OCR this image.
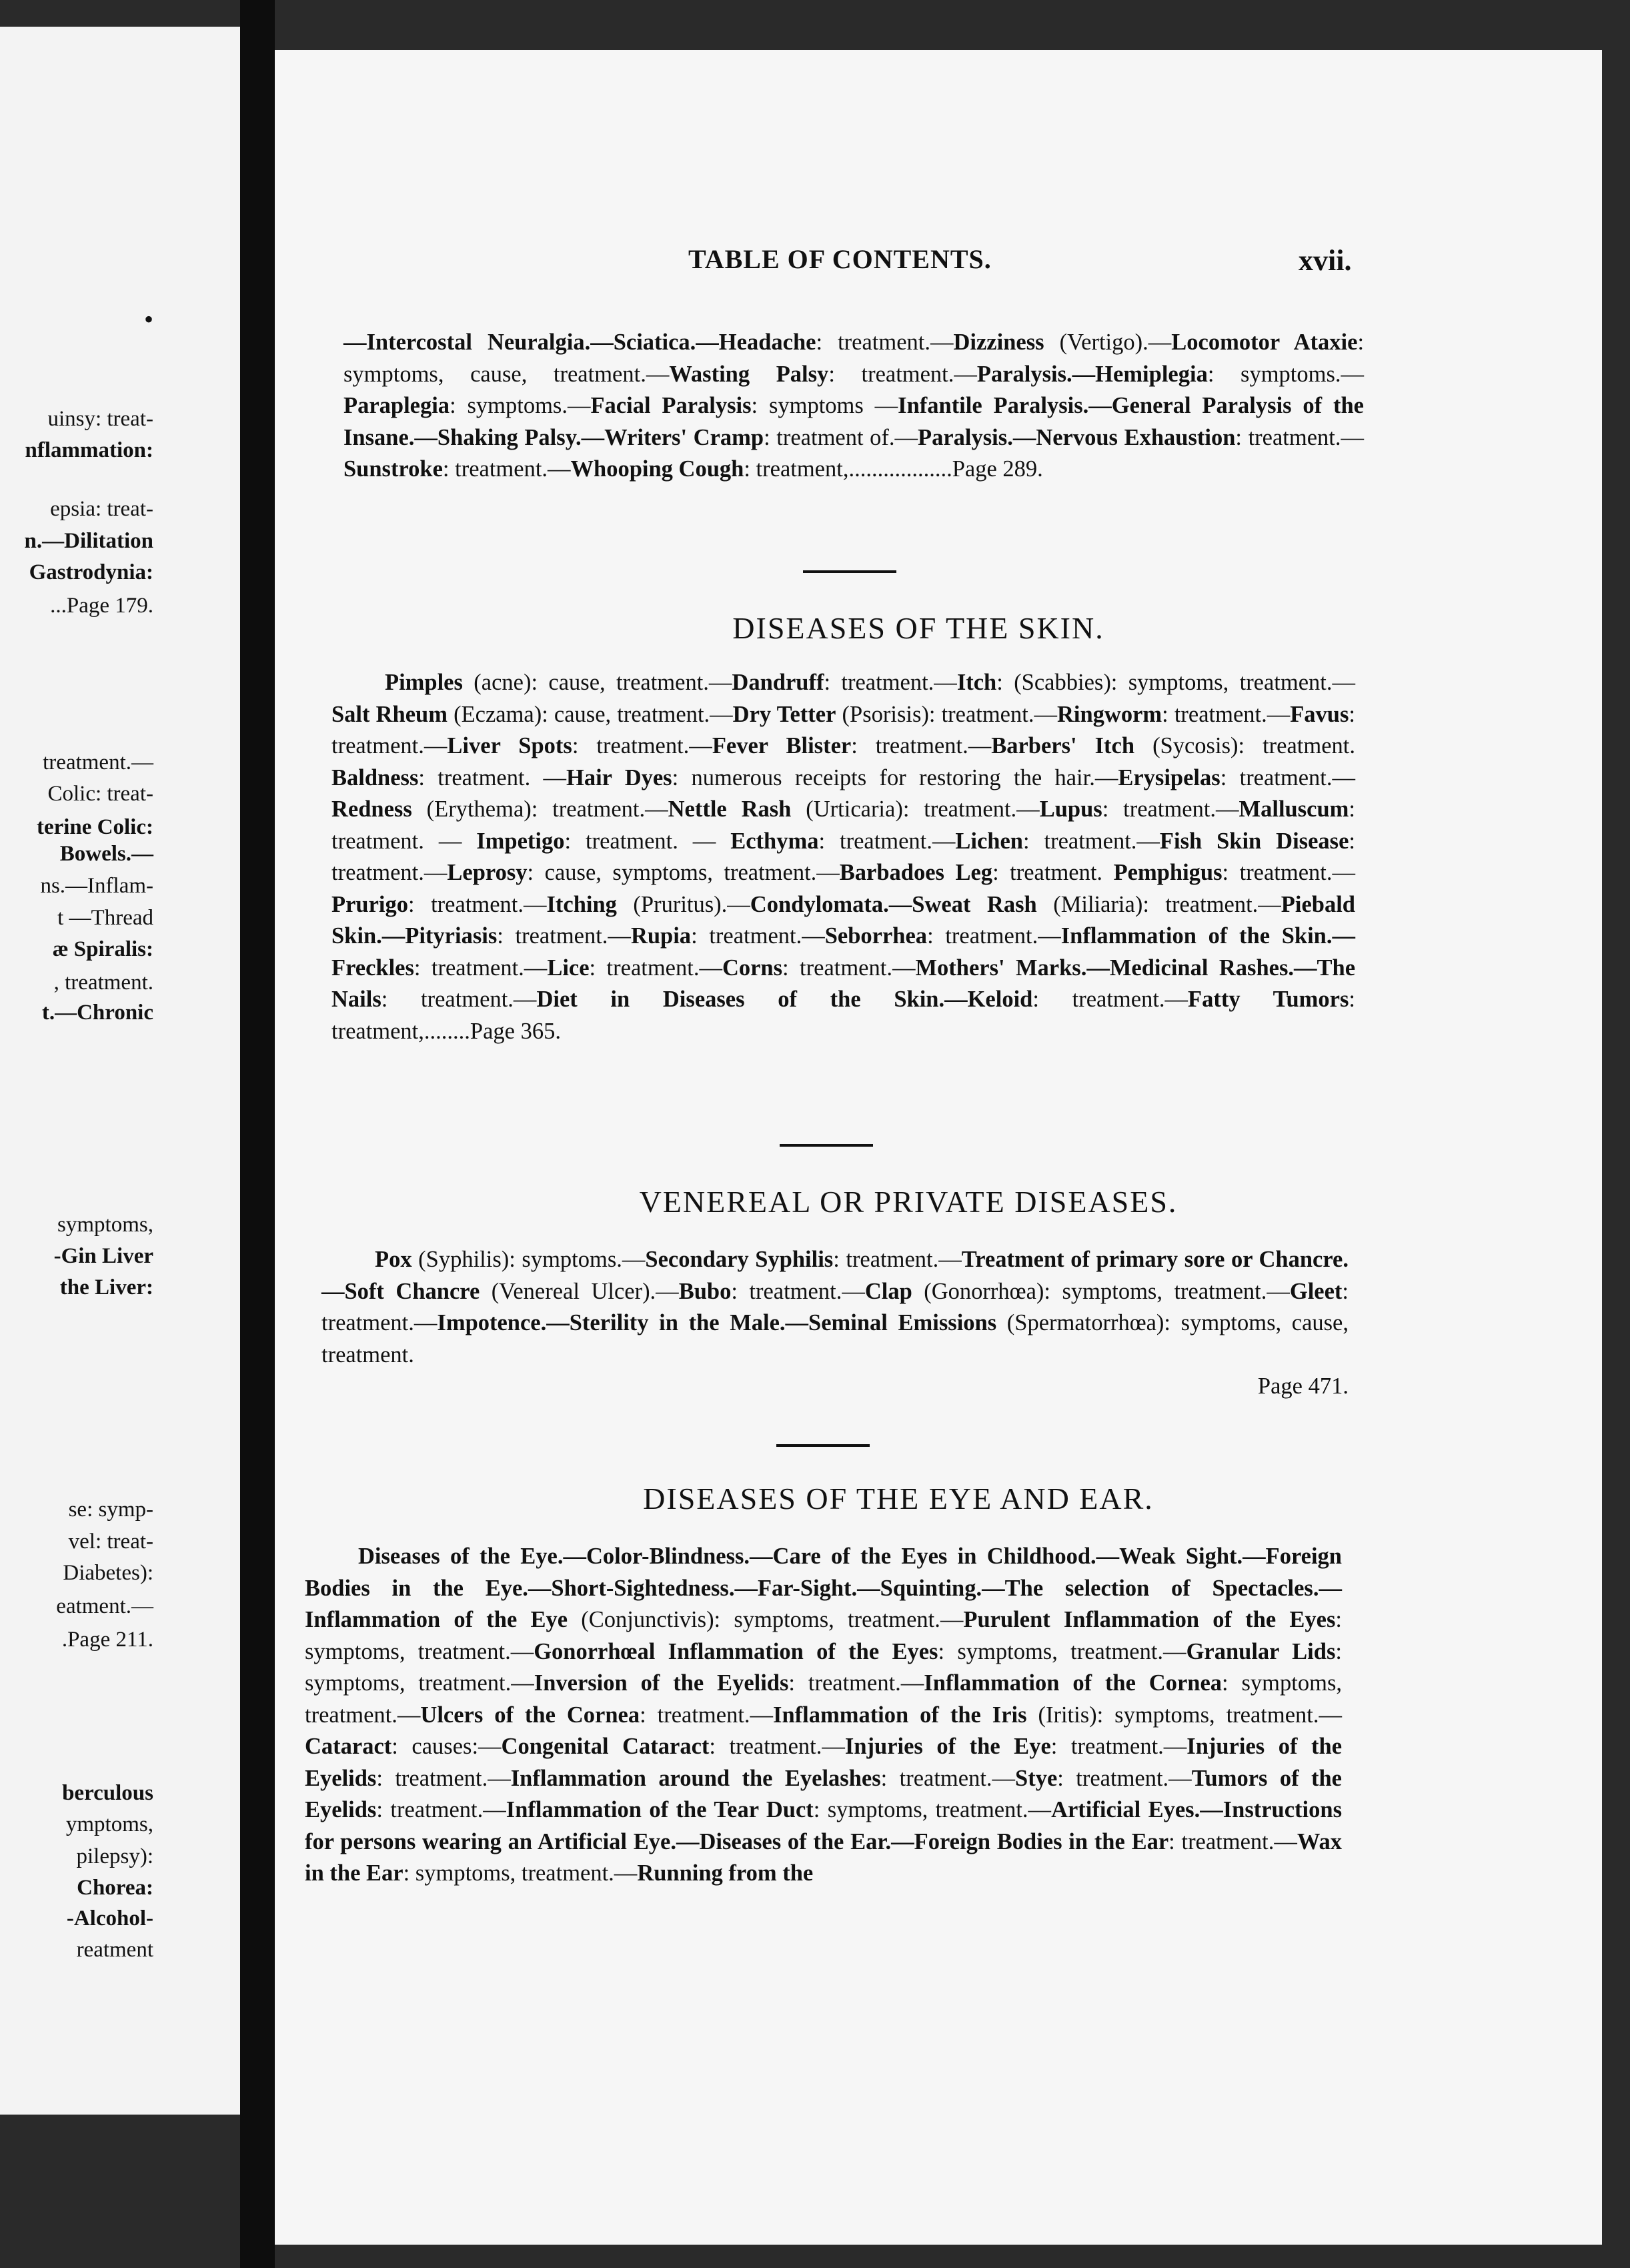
•
uinsy: treat-
nflammation:
epsia: treat-
n.—Dilitation
Gastrodynia:
...Page 179.
treatment.—
Colic: treat-
terine Colic:
Bowels.—
ns.—Inflam-
t —Thread
æ Spiralis:
, treatment.
t.—Chronic
symptoms,
-Gin Liver
the Liver:
se: symp-
vel: treat-
Diabetes):
eatment.—
.Page 211.
berculous
ymptoms,
pilepsy):
Chorea:
-Alcohol-
reatment
TABLE OF CONTENTS.	xvii.
—Intercostal Neuralgia.—Sciatica.—Headache: treatment.—Dizziness (Vertigo).—Locomotor Ataxie: symptoms, cause, treatment.—Wasting Palsy: treatment.—Paralysis.—Hemiplegia: symptoms.—Paraplegia: symptoms.—Facial Paralysis: symptoms —Infantile Paralysis.—General Paralysis of the Insane.—Shaking Palsy.—Writers' Cramp: treatment of.—Paralysis.—Nervous Exhaustion: treatment.—Sunstroke: treatment.—Whooping Cough: treatment,..................Page 289.
DISEASES OF THE SKIN.
Pimples (acne): cause, treatment.—Dandruff: treatment.—Itch: (Scabbies): symptoms, treatment.—Salt Rheum (Eczama): cause, treatment.—Dry Tetter (Psorisis): treatment.—Ringworm: treatment.—Favus: treatment.—Liver Spots: treatment.—Fever Blister: treatment.—Barbers' Itch (Sycosis): treatment. Baldness: treatment. —Hair Dyes: numerous receipts for restoring the hair.—Erysipelas: treatment.—Redness (Erythema): treatment.—Nettle Rash (Urticaria): treatment.—Lupus: treatment.—Malluscum: treatment. — Impetigo: treatment. — Ecthyma: treatment.—Lichen: treatment.—Fish Skin Disease: treatment.—Leprosy: cause, symptoms, treatment.—Barbadoes Leg: treatment. Pemphigus: treatment.—Prurigo: treatment.—Itching (Pruritus).—Condylomata.—Sweat Rash (Miliaria): treatment.—Piebald Skin.—Pityriasis: treatment.—Rupia: treatment.—Seborrhea: treatment.—Inflammation of the Skin.—Freckles: treatment.—Lice: treatment.—Corns: treatment.—Mothers' Marks.—Medicinal Rashes.—The Nails: treatment.—Diet in Diseases of the Skin.—Keloid: treatment.—Fatty Tumors: treatment,........Page 365.
VENEREAL OR PRIVATE DISEASES.
Pox (Syphilis): symptoms.—Secondary Syphilis: treatment.—Treatment of primary sore or Chancre.—Soft Chancre (Venereal Ulcer).—Bubo: treatment.—Clap (Gonorrhœa): symptoms, treatment.—Gleet: treatment.—Impotence.—Sterility in the Male.—Seminal Emissions (Spermatorrhœa): symptoms, cause, treatment.
Page 471.
DISEASES OF THE EYE AND EAR.
Diseases of the Eye.—Color-Blindness.—Care of the Eyes in Childhood.—Weak Sight.—Foreign Bodies in the Eye.—Short-Sightedness.—Far-Sight.—Squinting.—The selection of Spectacles.—Inflammation of the Eye (Conjunctivis): symptoms, treatment.—Purulent Inflammation of the Eyes: symptoms, treatment.—Gonorrhœal Inflammation of the Eyes: symptoms, treatment.—Granular Lids: symptoms, treatment.—Inversion of the Eyelids: treatment.—Inflammation of the Cornea: symptoms, treatment.—Ulcers of the Cornea: treatment.—Inflammation of the Iris (Iritis): symptoms, treatment.—Cataract: causes:—Congenital Cataract: treatment.—Injuries of the Eye: treatment.—Injuries of the Eyelids: treatment.—Inflammation around the Eyelashes: treatment.—Stye: treatment.—Tumors of the Eyelids: treatment.—Inflammation of the Tear Duct: symptoms, treatment.—Artificial Eyes.—Instructions for persons wearing an Artificial Eye.—Diseases of the Ear.—Foreign Bodies in the Ear: treatment.—Wax in the Ear: symptoms, treatment.—Running from the
